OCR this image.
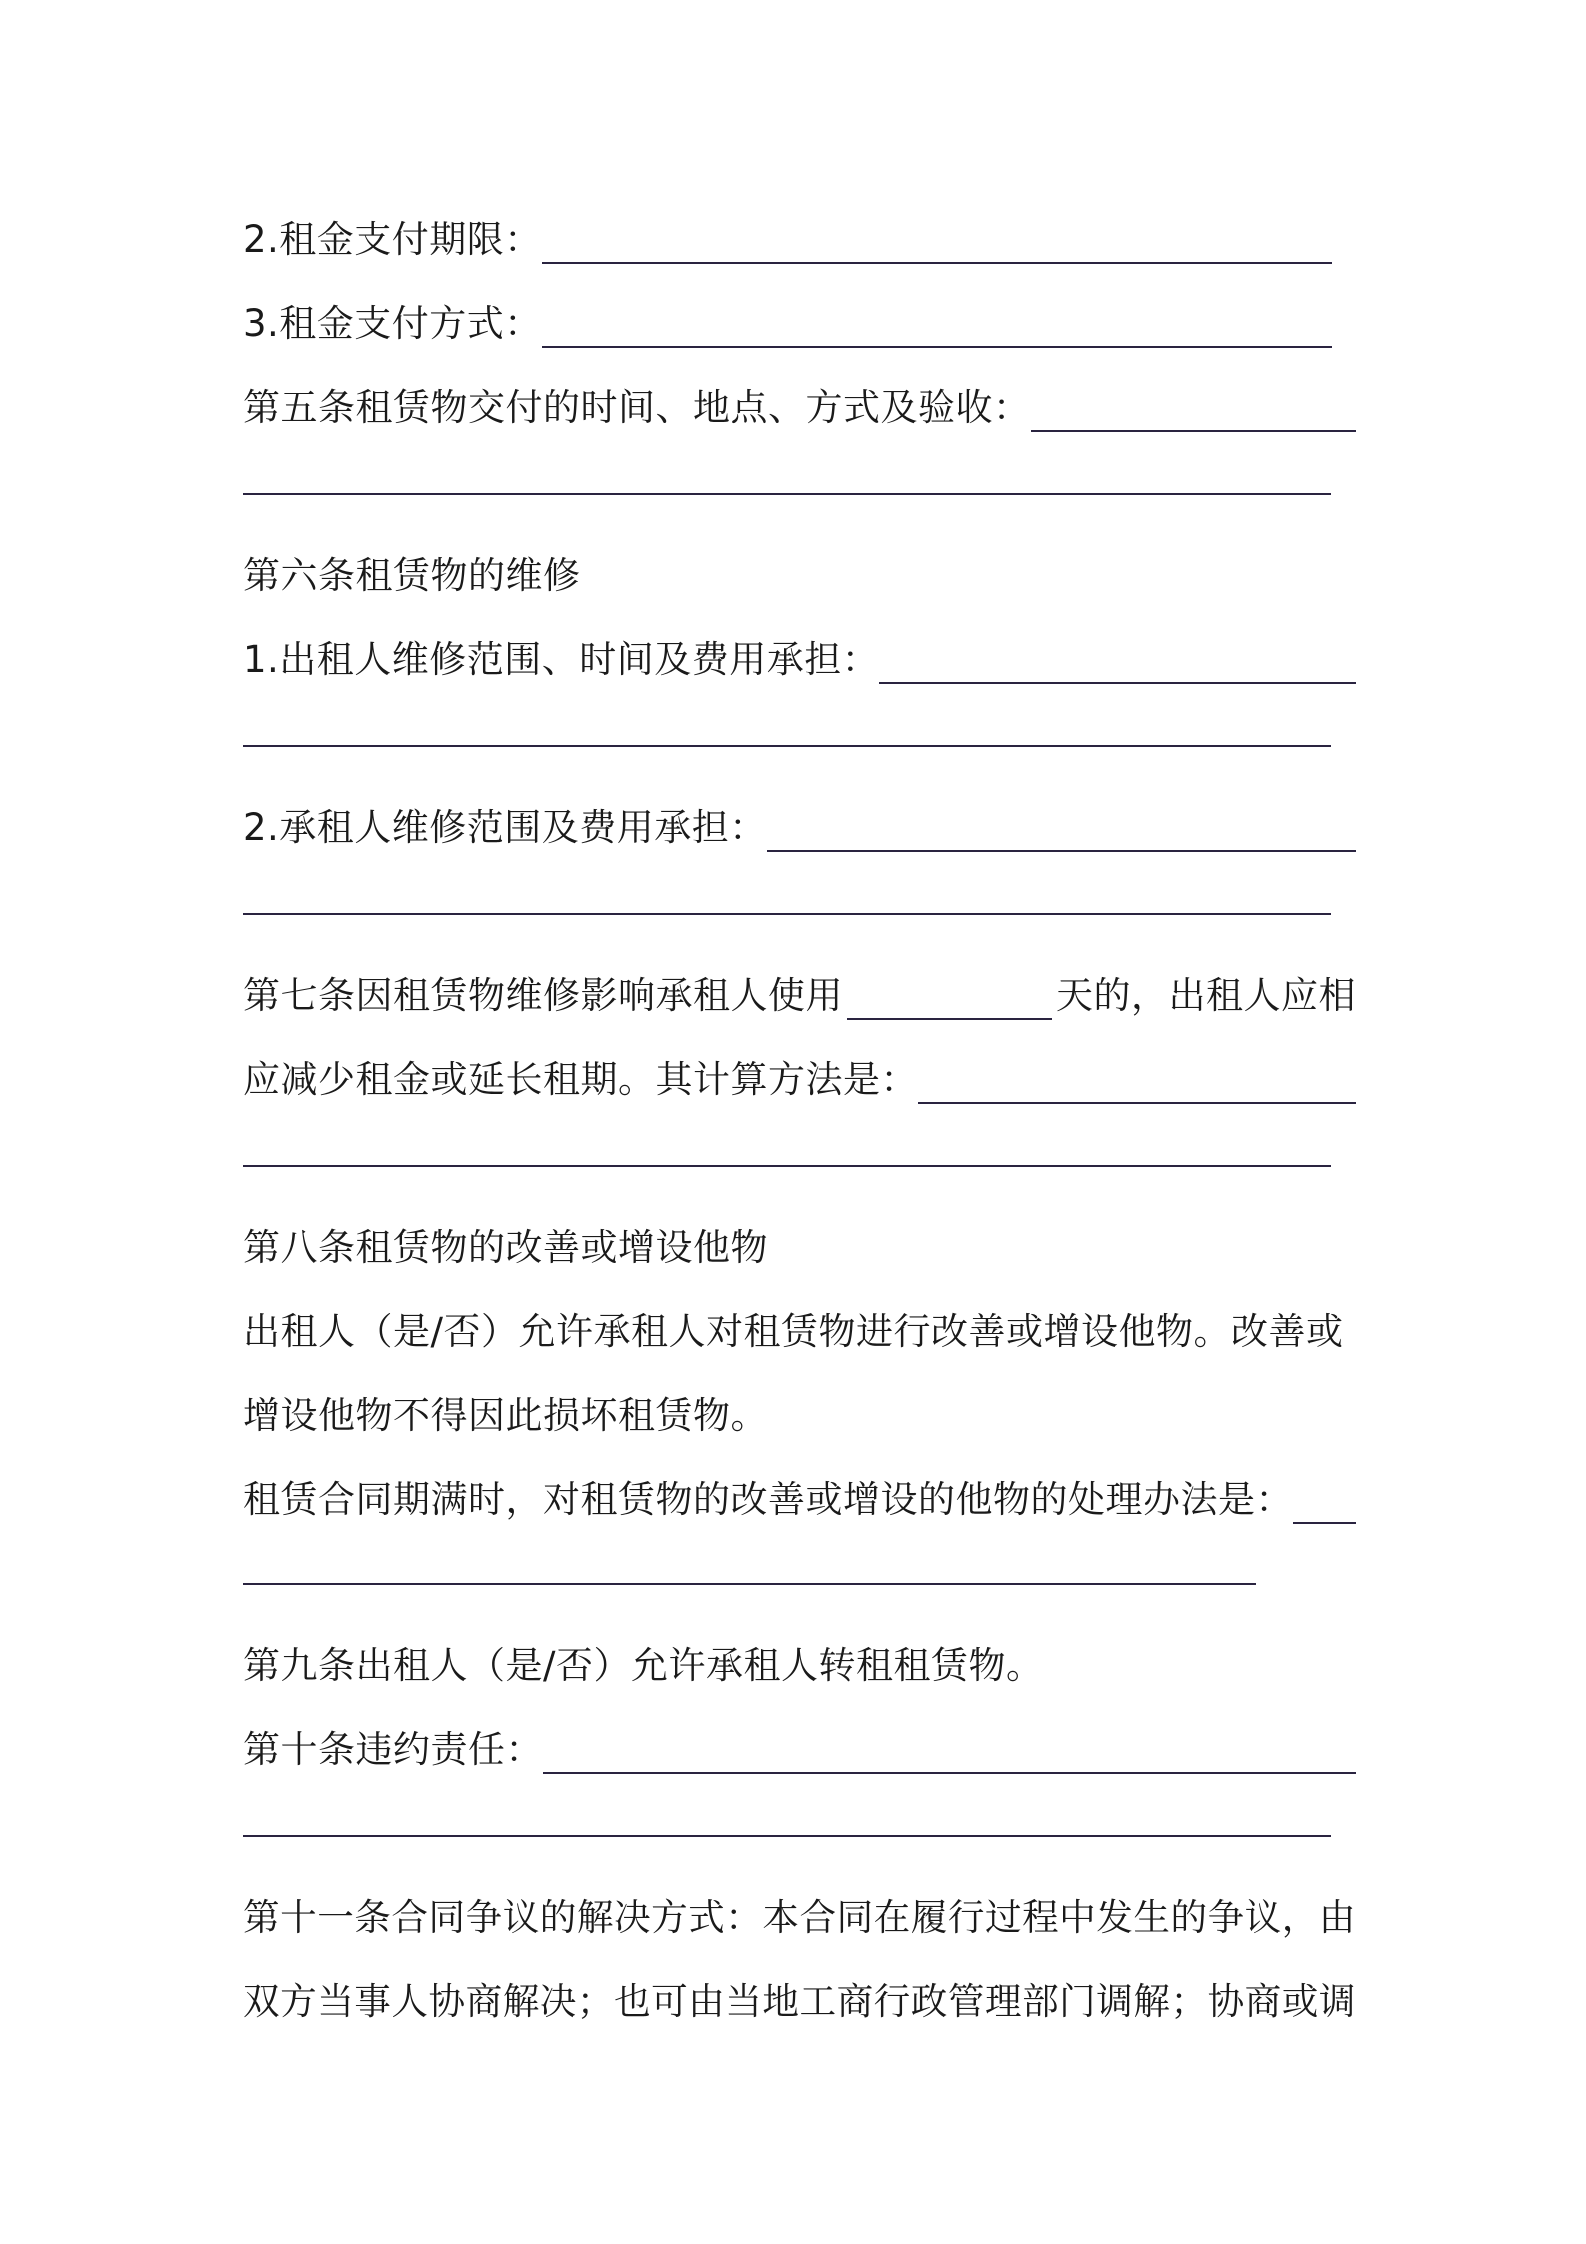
2.租金支付期限：
3.租金支付方式：
第五条租赁物交付的时间、地点、方式及验收：
第六条租赁物的维修
1.出租人维修范围、时间及费用承担：
2.承租人维修范围及费用承担：
第七条因租赁物维修影响承租人使用	天的，出租人应相
应减少租金或延长租期。其计算方法是：
第八条租赁物的改善或增设他物
出租人（是/否）允许承租人对租赁物进行改善或增设他物。改善或
增设他物不得因此损坏租赁物。
租赁合同期满时，对租赁物的改善或增设的他物的处理办法是：
第九条出租人（是/否）允许承租人转租租赁物。
第十条违约责任：
第十一条合同争议的解决方式：本合同在履行过程中发生的争议，由
双方当事人协商解决；也可由当地工商行政管理部门调解；协商或调
